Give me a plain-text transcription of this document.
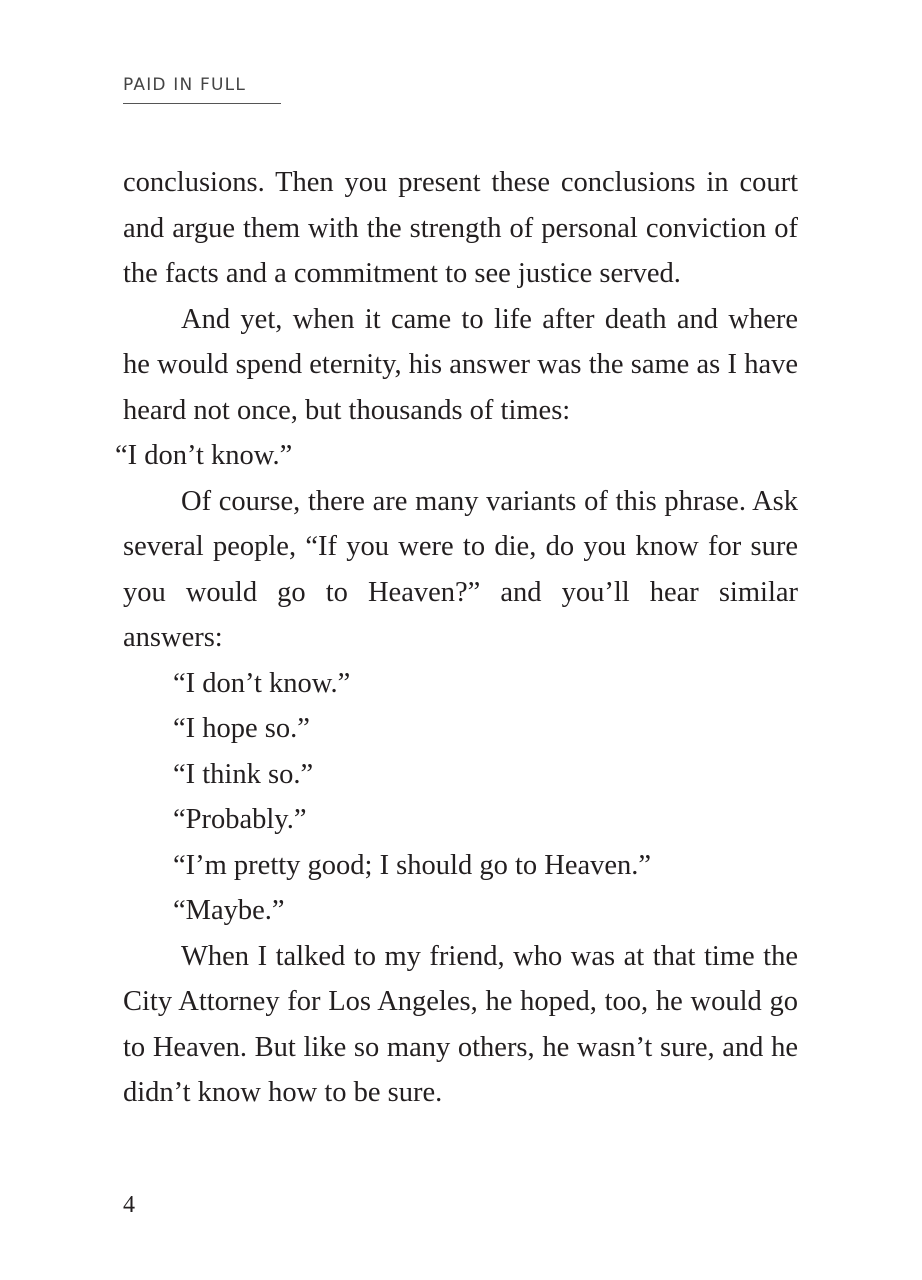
PAID IN FULL

conclusions. Then you present these conclusions in court and argue them with the strength of personal conviction of the facts and a commitment to see justice served.

And yet, when it came to life after death and where he would spend eternity, his answer was the same as I have heard not once, but thousands of times:

“I don’t know.”

Of course, there are many variants of this phrase. Ask several people, “If you were to die, do you know for sure you would go to Heaven?” and you’ll hear similar answers:

“I don’t know.”

“I hope so.”

“I think so.”

“Probably.”

“I’m pretty good; I should go to Heaven.”

“Maybe.”

When I talked to my friend, who was at that time the City Attorney for Los Angeles, he hoped, too, he would go to Heaven. But like so many others, he wasn’t sure, and he didn’t know how to be sure.

4
